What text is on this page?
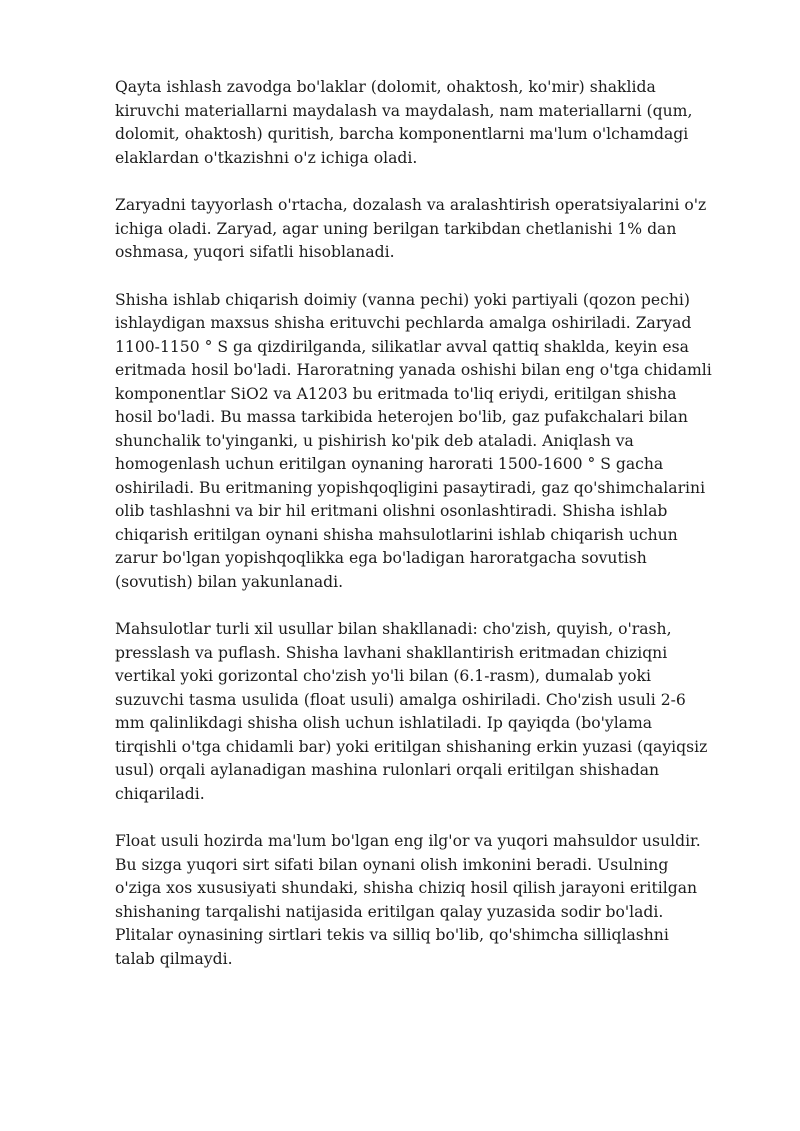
Qayta ishlash zavodga bo'laklar (dolomit, ohaktosh, ko'mir) shaklida
kiruvchi materiallarni maydalash va maydalash, nam materiallarni (qum,
dolomit, ohaktosh) quritish, barcha komponentlarni ma'lum o'lchamdagi
elaklardan o'tkazishni o'z ichiga oladi.

Zaryadni tayyorlash o'rtacha, dozalash va aralashtirish operatsiyalarini o'z
ichiga oladi. Zaryad, agar uning berilgan tarkibdan chetlanishi 1% dan
oshmasa, yuqori sifatli hisoblanadi.

Shisha ishlab chiqarish doimiy (vanna pechi) yoki partiyali (qozon pechi)
ishlaydigan maxsus shisha erituvchi pechlarda amalga oshiriladi. Zaryad
1100-1150 ° S ga qizdirilganda, silikatlar avval qattiq shaklda, keyin esa
eritmada hosil bo'ladi. Haroratning yanada oshishi bilan eng o'tga chidamli
komponentlar SiO2 va A1203 bu eritmada to'liq eriydi, eritilgan shisha
hosil bo'ladi. Bu massa tarkibida heterojen bo'lib, gaz pufakchalari bilan
shunchalik to'yinganki, u pishirish ko'pik deb ataladi. Aniqlash va
homogenlash uchun eritilgan oynaning harorati 1500-1600 ° S gacha
oshiriladi. Bu eritmaning yopishqoqligini pasaytiradi, gaz qo'shimchalarini
olib tashlashni va bir hil eritmani olishni osonlashtiradi. Shisha ishlab
chiqarish eritilgan oynani shisha mahsulotlarini ishlab chiqarish uchun
zarur bo'lgan yopishqoqlikka ega bo'ladigan haroratgacha sovutish
(sovutish) bilan yakunlanadi.

Mahsulotlar turli xil usullar bilan shakllanadi: cho'zish, quyish, o'rash,
presslash va puflash. Shisha lavhani shakllantirish eritmadan chiziqni
vertikal yoki gorizontal cho'zish yo'li bilan (6.1-rasm), dumalab yoki
suzuvchi tasma usulida (float usuli) amalga oshiriladi. Cho'zish usuli 2-6
mm qalinlikdagi shisha olish uchun ishlatiladi. Ip qayiqda (bo'ylama
tirqishli o'tga chidamli bar) yoki eritilgan shishaning erkin yuzasi (qayiqsiz
usul) orqali aylanadigan mashina rulonlari orqali eritilgan shishadan
chiqariladi.

Float usuli hozirda ma'lum bo'lgan eng ilg'or va yuqori mahsuldor usuldir.
Bu sizga yuqori sirt sifati bilan oynani olish imkonini beradi. Usulning
o'ziga xos xususiyati shundaki, shisha chiziq hosil qilish jarayoni eritilgan
shishaning tarqalishi natijasida eritilgan qalay yuzasida sodir bo'ladi.
Plitalar oynasining sirtlari tekis va silliq bo'lib, qo'shimcha silliqlashni
talab qilmaydi.
